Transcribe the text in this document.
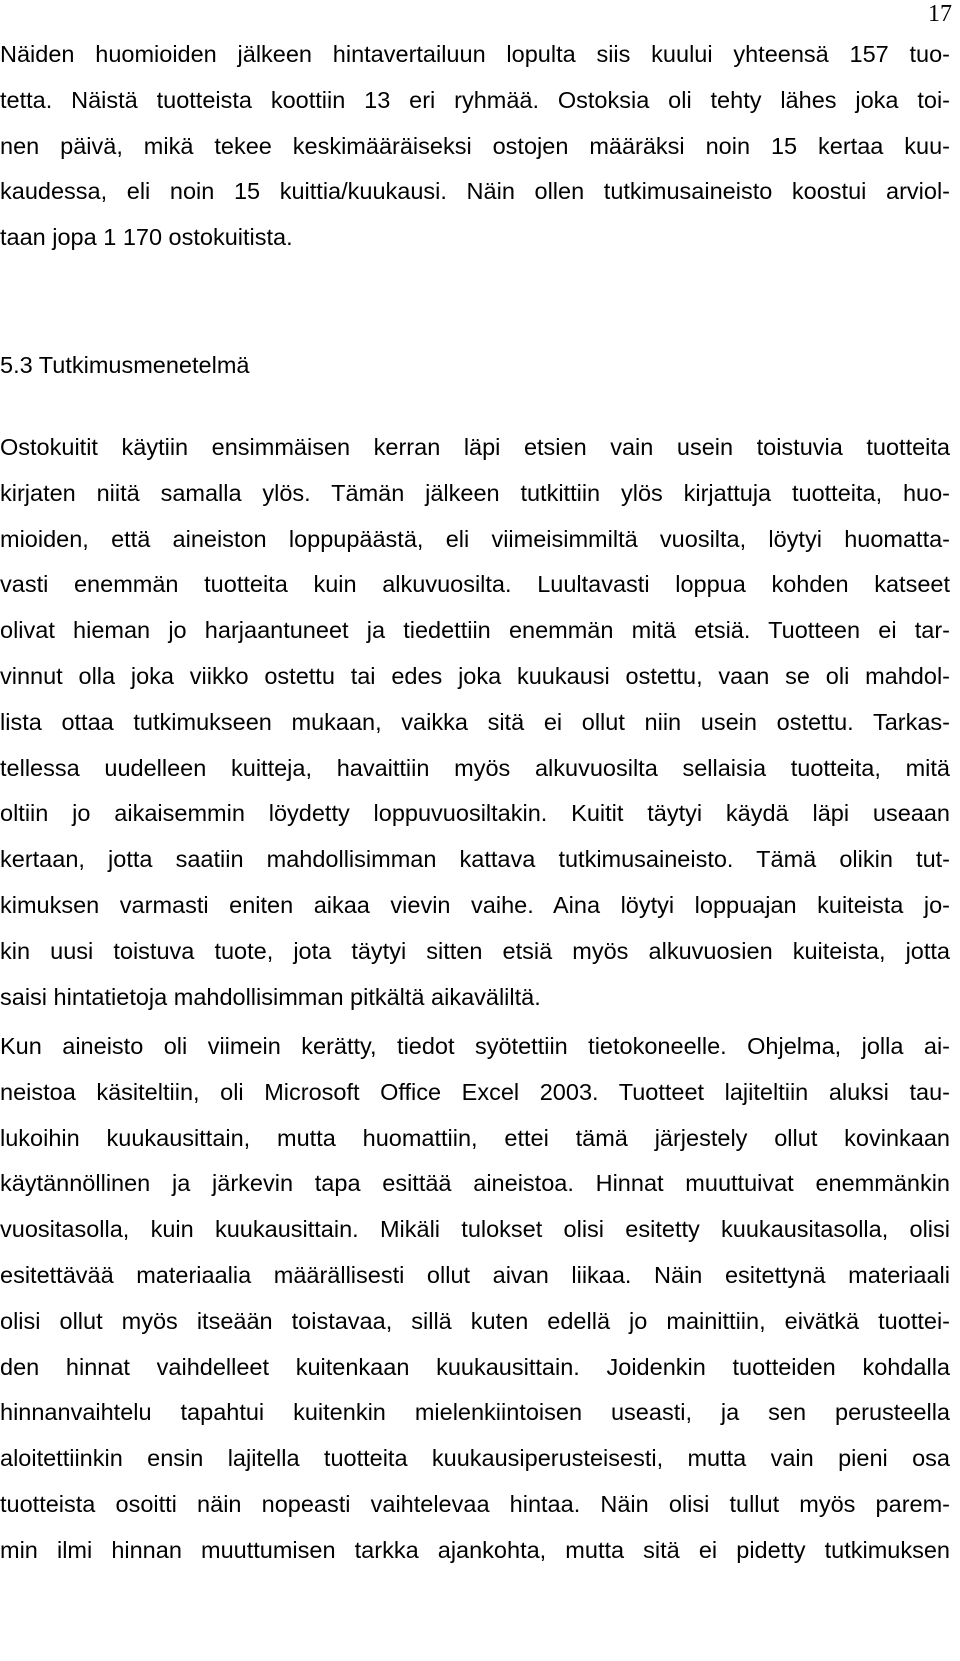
17

Näiden huomioiden jälkeen hintavertailuun lopulta siis kuului yhteensä 157 tuo-
tetta. Näistä tuotteista koottiin 13 eri ryhmää. Ostoksia oli tehty lähes joka toi-
nen päivä, mikä tekee keskimääräiseksi ostojen määräksi noin 15 kertaa kuu-
kaudessa, eli noin 15 kuittia/kuukausi. Näin ollen tutkimusaineisto koostui arviol-
taan jopa 1 170 ostokuitista.

5.3 Tutkimusmenetelmä

Ostokuitit käytiin ensimmäisen kerran läpi etsien vain usein toistuvia tuotteita
kirjaten niitä samalla ylös. Tämän jälkeen tutkittiin ylös kirjattuja tuotteita, huo-
mioiden, että aineiston loppupäästä, eli viimeisimmiltä vuosilta, löytyi huomatta-
vasti enemmän tuotteita kuin alkuvuosilta. Luultavasti loppua kohden katseet
olivat hieman jo harjaantuneet ja tiedettiin enemmän mitä etsiä. Tuotteen ei tar-
vinnut olla joka viikko ostettu tai edes joka kuukausi ostettu, vaan se oli mahdol-
lista ottaa tutkimukseen mukaan, vaikka sitä ei ollut niin usein ostettu. Tarkas-
tellessa uudelleen kuitteja, havaittiin myös alkuvuosilta sellaisia tuotteita, mitä
oltiin jo aikaisemmin löydetty loppuvuosiltakin. Kuitit täytyi käydä läpi useaan
kertaan, jotta saatiin mahdollisimman kattava tutkimusaineisto. Tämä olikin tut-
kimuksen varmasti eniten aikaa vievin vaihe. Aina löytyi loppuajan kuiteista jo-
kin uusi toistuva tuote, jota täytyi sitten etsiä myös alkuvuosien kuiteista, jotta
saisi hintatietoja mahdollisimman pitkältä aikaväliltä.

Kun aineisto oli viimein kerätty, tiedot syötettiin tietokoneelle. Ohjelma, jolla ai-
neistoa käsiteltiin, oli Microsoft Office Excel 2003. Tuotteet lajiteltiin aluksi tau-
lukoihin kuukausittain, mutta huomattiin, ettei tämä järjestely ollut kovinkaan
käytännöllinen ja järkevin tapa esittää aineistoa. Hinnat muuttuivat enemmänkin
vuositasolla, kuin kuukausittain. Mikäli tulokset olisi esitetty kuukausitasolla, olisi
esitettävää materiaalia määrällisesti ollut aivan liikaa. Näin esitettynä materiaali
olisi ollut myös itseään toistavaa, sillä kuten edellä jo mainittiin, eivätkä tuottei-
den hinnat vaihdelleet kuitenkaan kuukausittain. Joidenkin tuotteiden kohdalla
hinnanvaihtelu tapahtui kuitenkin mielenkiintoisen useasti, ja sen perusteella
aloitettiinkin ensin lajitella tuotteita kuukausiperusteisesti, mutta vain pieni osa
tuotteista osoitti näin nopeasti vaihtelevaa hintaa. Näin olisi tullut myös parem-
min ilmi hinnan muuttumisen tarkka ajankohta, mutta sitä ei pidetty tutkimuksen
